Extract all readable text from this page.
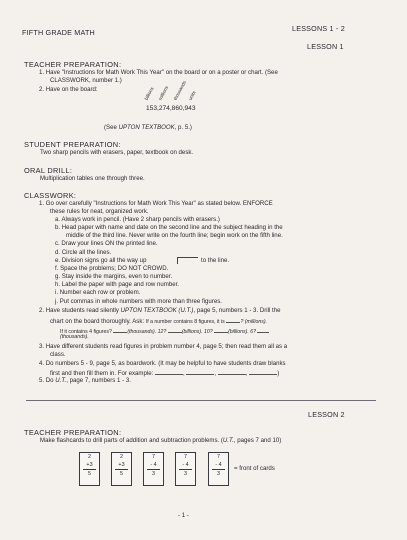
FIFTH GRADE MATH	LESSONS 1 - 2
LESSON 1
TEACHER PREPARATION:
1. Have "Instructions for Math Work This Year" on the board or on a poster or chart. (See
CLASSWORK, number 1.)
2. Have on the board:	billions millions thousands units
153,274,860,943
(See UPTON TEXTBOOK, p. 5.)
STUDENT PREPARATION:
Two sharp pencils with erasers, paper, textbook on desk.
ORAL DRILL:
Multiplication tables one through three.
CLASSWORK:
1. Go over carefully "Instructions for Math Work This Year" as stated below. ENFORCE
these rules for neat, organized work.
a. Always work in pencil. (Have 2 sharp pencils with erasers.)
b. Head paper with name and date on the second line and the subject heading in the
middle of the third line. Never write on the fourth line; begin work on the fifth line.
c. Draw your lines ON the printed line.
d. Circle all the lines.
e. Division signs go all the way up	to the line.
f. Space the problems; DO NOT CROWD.
g. Stay inside the margins, even to number.
h. Label the paper with page and row number.
i. Number each row or problem.
j. Put commas in whole numbers with more than three figures.
2. Have students read silently UPTON TEXTBOOK (U.T.), page 5, numbers 1 - 3. Drill the
chart on the board thoroughly. Ask: If a number contains 8 figures, it is	? (millions).
If it contains 4 figures?	(thousands). 12?	(billions). 10?	(billions). 6?
(thousands).
3. Have different students read figures in problem number 4, page 5; then read them all as a
class.
4. Do numbers 5 - 9, page 5, as boardwork. (It may be helpful to have students draw blanks
first and then fill them in. For example:	,	,	,	)
5. Do U.T., page 7, numbers 1 - 3.
LESSON 2
TEACHER PREPARATION:
Make flashcards to drill parts of addition and subtraction problems. (U.T., pages 7 and 10)
2
+3
5
2
+3
5
7
- 4
3
7
- 4
3
7
- 4
3
= front of cards
- 1 -
